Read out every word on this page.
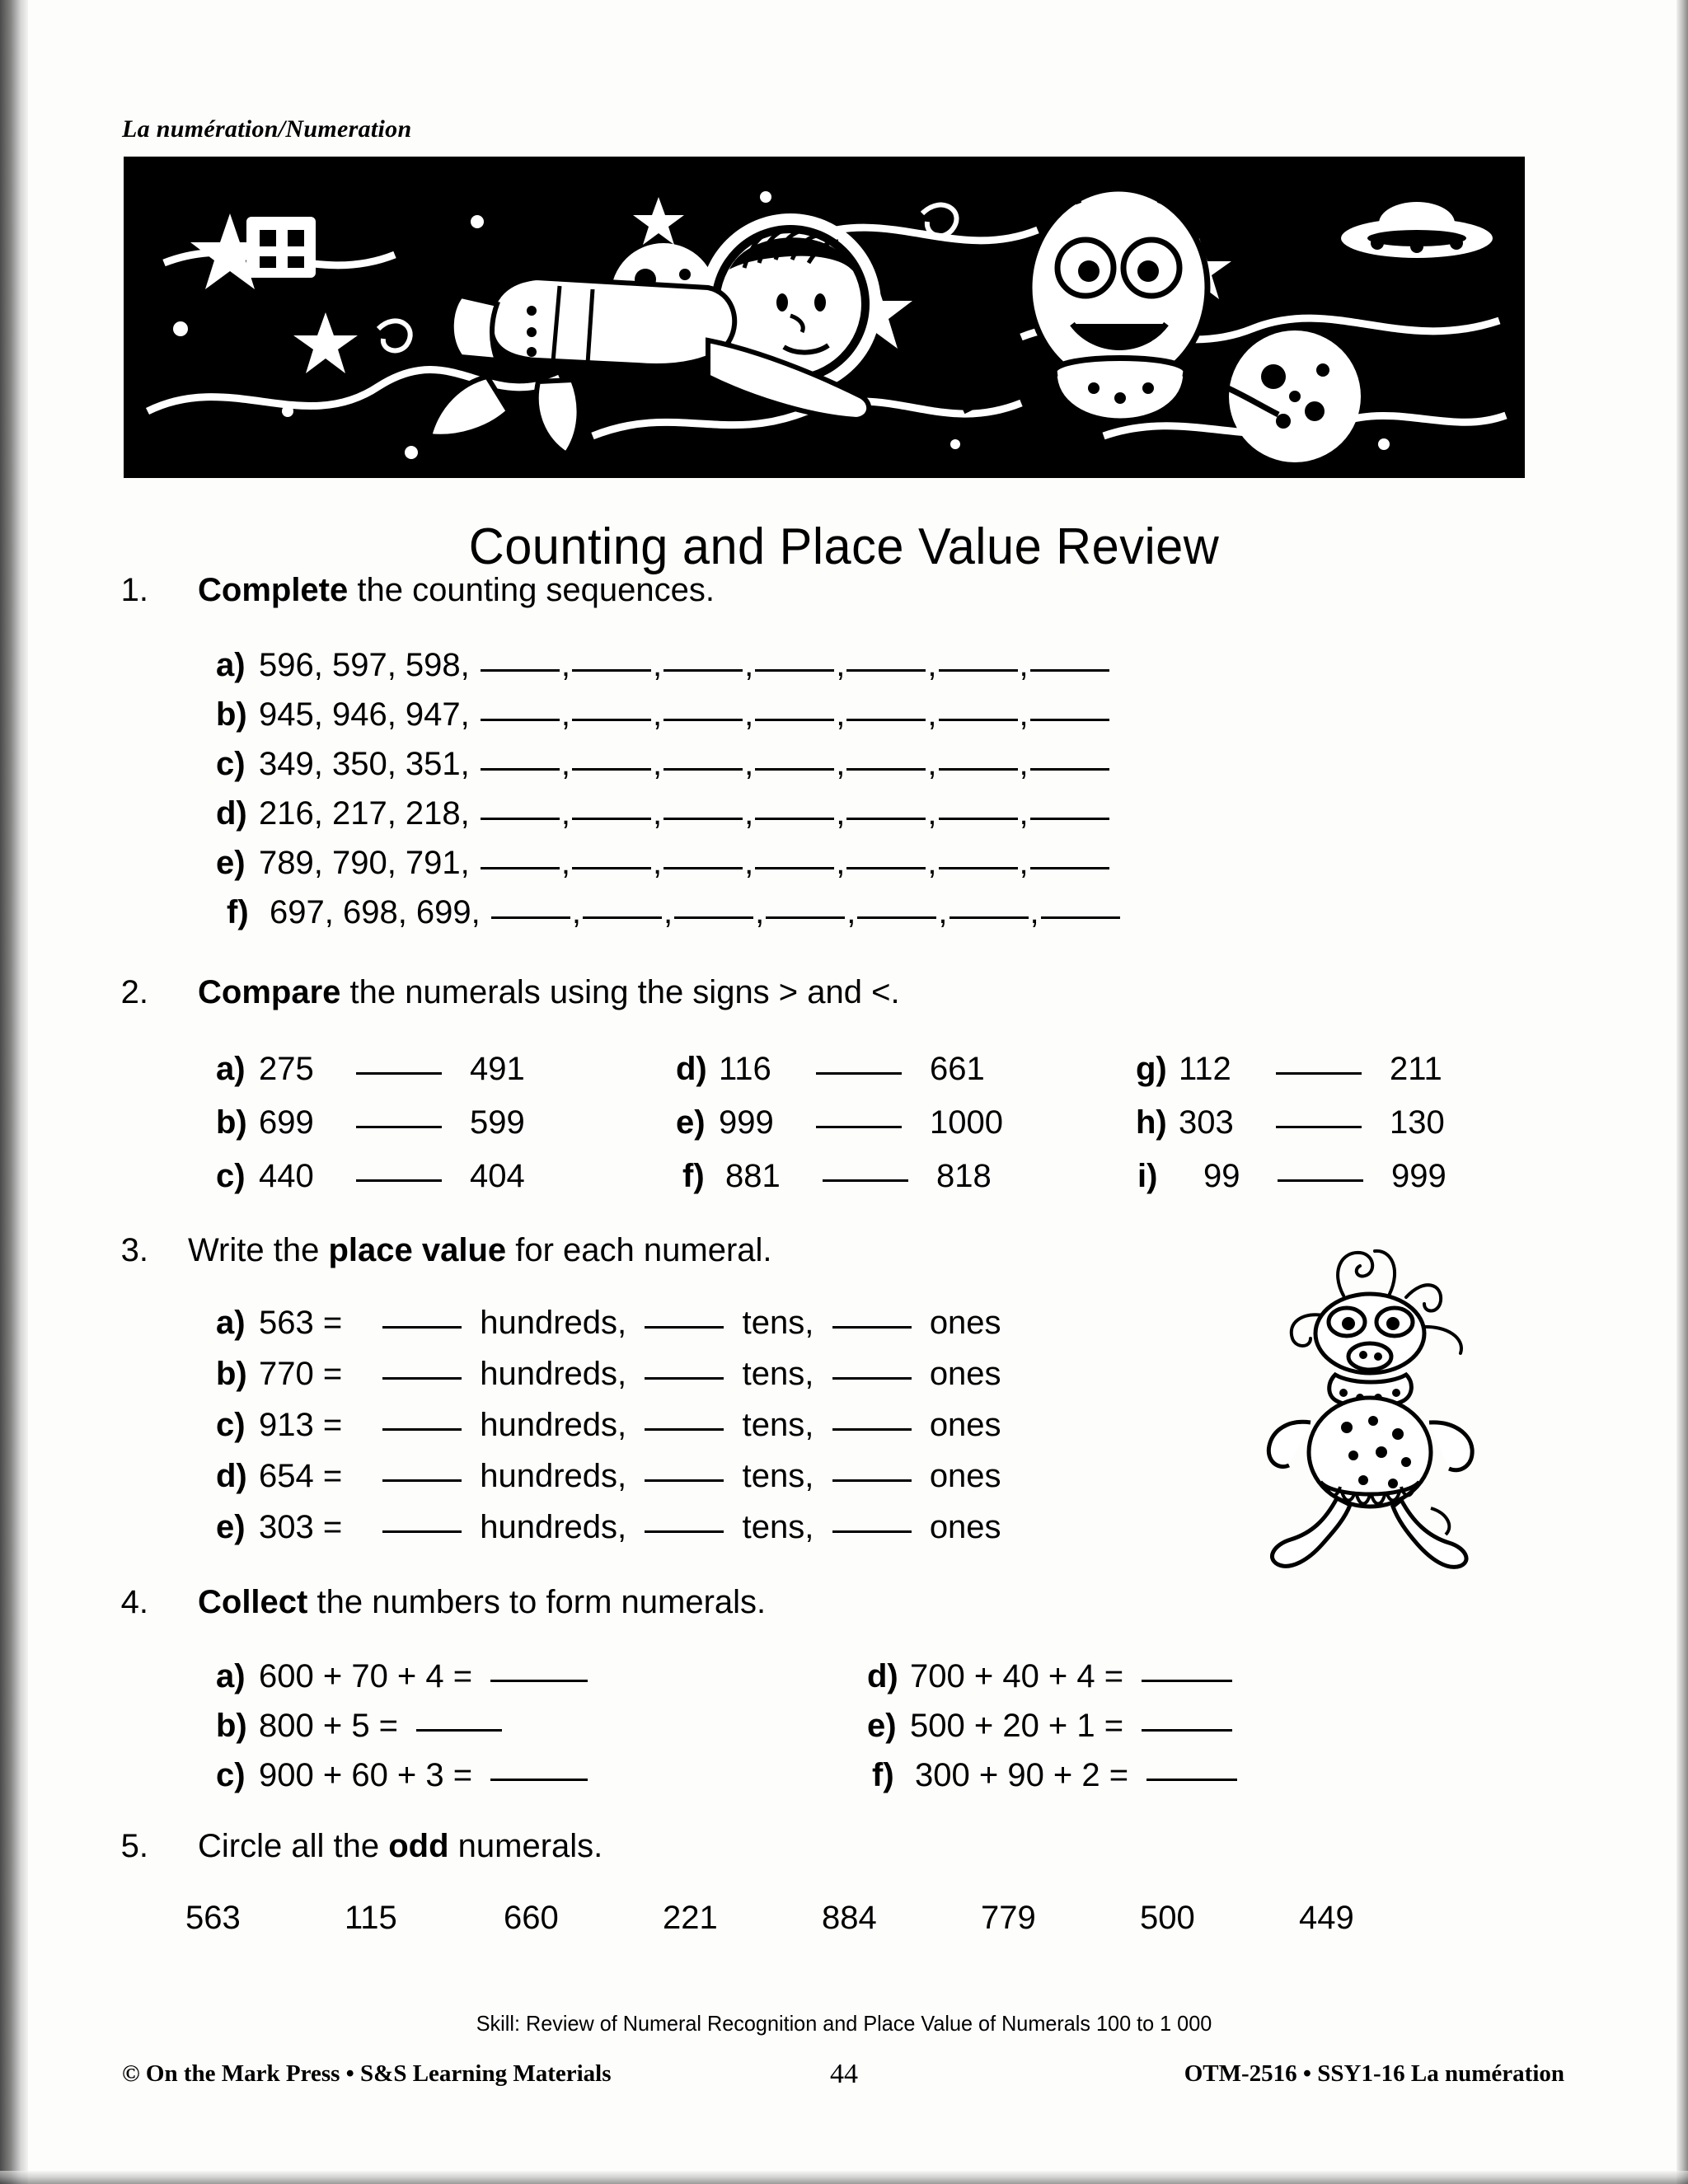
La numération/Numeration
Counting and Place Value Review
1. Complete the counting sequences.
a) 596, 597, 598,	,	,	,	,	,	,
b) 945, 946, 947,	,	,	,	,	,	,
c) 349, 350, 351,	,	,	,	,	,	,
d) 216, 217, 218,	,	,	,	,	,	,
e) 789, 790, 791,	,	,	,	,	,	,
f) 697, 698, 699,	,	,	,	,	,	,
2. Compare the numerals using the signs > and <.
a) 275	491
b) 699	599
c) 440	404
d) 116	661
e) 999	1000
f) 881	818
g) 112	211
h) 303	130
i) 99	999
3. Write the place value for each numeral.
a) 563 =	hundreds,	tens,	ones
b) 770 =	hundreds,	tens,	ones
c) 913 =	hundreds,	tens,	ones
d) 654 =	hundreds,	tens,	ones
e) 303 =	hundreds,	tens,	ones
4. Collect the numbers to form numerals.
a) 600 + 70 + 4 =
b) 800 + 5 =
c) 900 + 60 + 3 =
d) 700 + 40 + 4 =
e) 500 + 20 + 1 =
f) 300 + 90 + 2 =
5. Circle all the odd numerals.
563	115	660	221	884	779	500	449
Skill: Review of Numeral Recognition and Place Value of Numerals 100 to 1 000
© On the Mark Press • S&S Learning Materials	44	OTM-2516 • SSY1-16 La numération
